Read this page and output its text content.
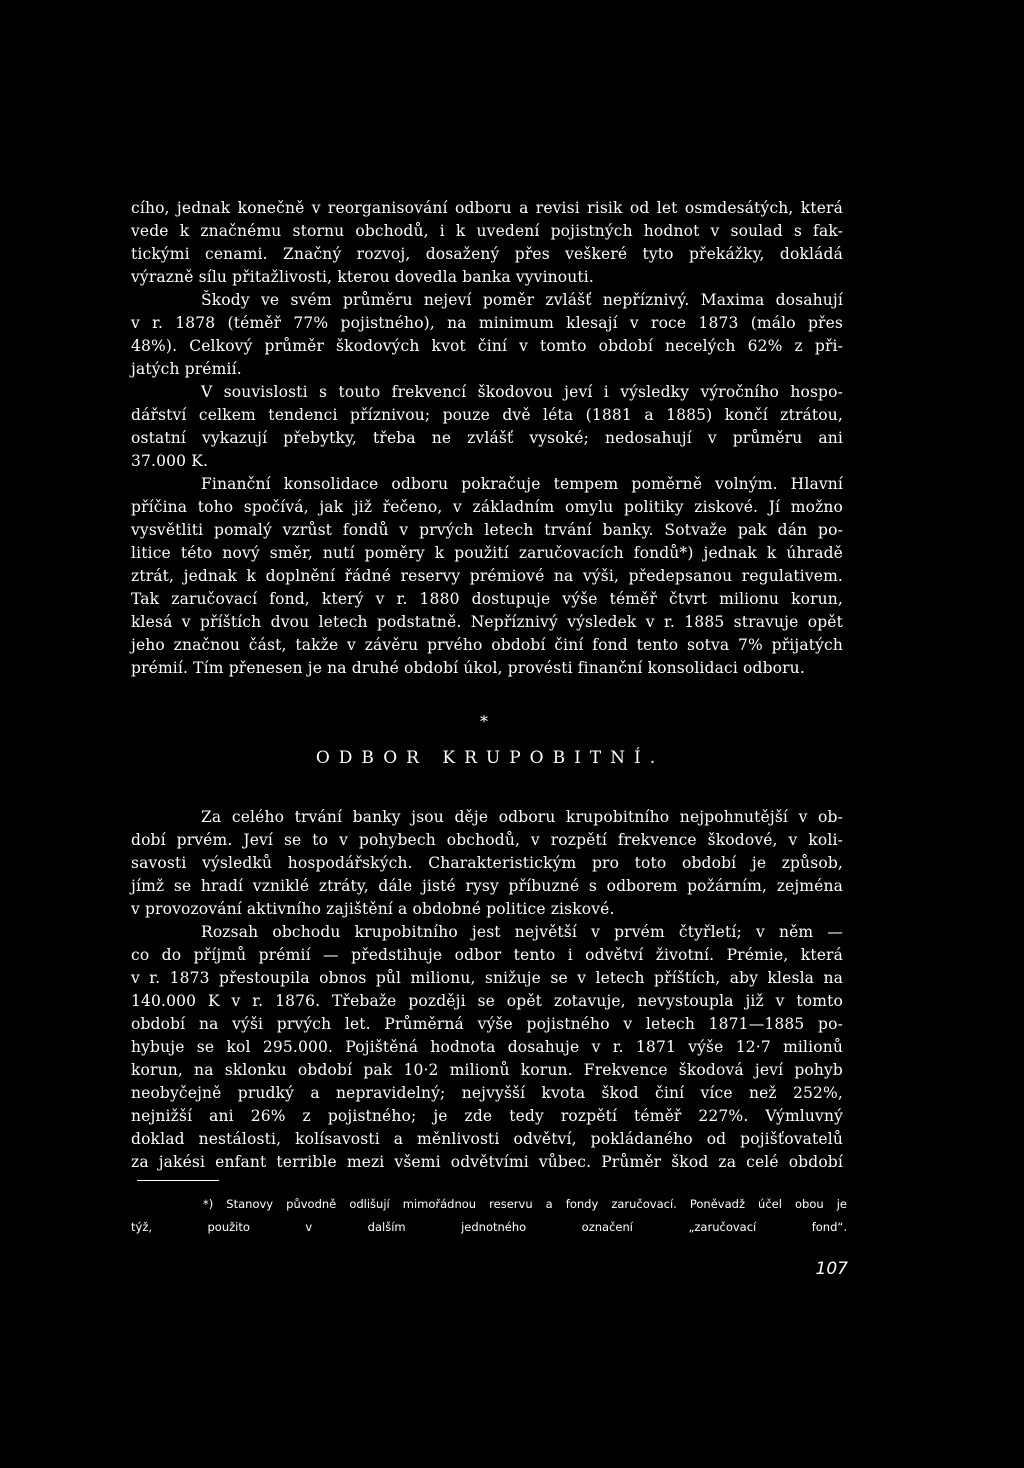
cího, jednak konečně v reorganisování odboru a revisi risik od let osmdesátých, která
vede k značnému stornu obchodů, i k uvedení pojistných hodnot v soulad s fak-
tickými cenami. Značný rozvoj, dosažený přes veškeré tyto překážky, dokládá
výrazně sílu přitažlivosti, kterou dovedla banka vyvinouti.
Škody ve svém průměru nejeví poměr zvlášť nepříznivý. Maxima dosahují
v r. 1878 (téměř 77% pojistného), na minimum klesají v roce 1873 (málo přes
48%). Celkový průměr škodových kvot činí v tomto období necelých 62% z při-
jatých prémií.
V souvislosti s touto frekvencí škodovou jeví i výsledky výročního hospo-
dářství celkem tendenci příznivou; pouze dvě léta (1881 a 1885) končí ztrátou,
ostatní vykazují přebytky, třeba ne zvlášť vysoké; nedosahují v průměru ani
37.000 K.
Finanční konsolidace odboru pokračuje tempem poměrně volným. Hlavní
příčina toho spočívá, jak již řečeno, v základním omylu politiky ziskové. Jí možno
vysvětliti pomalý vzrůst fondů v prvých letech trvání banky. Sotvaže pak dán po-
litice této nový směr, nutí poměry k použití zaručovacích fondů*) jednak k úhradě
ztrát, jednak k doplnění řádné reservy prémiové na výši, předepsanou regulativem.
Tak zaručovací fond, který v r. 1880 dostupuje výše téměř čtvrt milionu korun,
klesá v příštích dvou letech podstatně. Nepříznivý výsledek v r. 1885 stravuje opět
jeho značnou část, takže v závěru prvého období činí fond tento sotva 7% přijatých
prémií. Tím přenesen je na druhé období úkol, provésti finanční konsolidaci odboru.
*
ODBOR KRUPOBITNÍ.
Za celého trvání banky jsou děje odboru krupobitního nejpohnutější v ob-
dobí prvém. Jeví se to v pohybech obchodů, v rozpětí frekvence škodové, v koli-
savosti výsledků hospodářských. Charakteristickým pro toto období je způsob,
jímž se hradí vzniklé ztráty, dále jisté rysy příbuzné s odborem požárním, zejména
v provozování aktivního zajištění a obdobné politice ziskové.
Rozsah obchodu krupobitního jest největší v prvém čtyřletí; v něm —
co do příjmů prémií — předstihuje odbor tento i odvětví životní. Prémie, která
v r. 1873 přestoupila obnos půl milionu, snižuje se v letech příštích, aby klesla na
140.000 K v r. 1876. Třebaže později se opět zotavuje, nevystoupla již v tomto
období na výši prvých let. Průměrná výše pojistného v letech 1871—1885 po-
hybuje se kol 295.000. Pojištěná hodnota dosahuje v r. 1871 výše 12·7 milionů
korun, na sklonku období pak 10·2 milionů korun. Frekvence škodová jeví pohyb
neobyčejně prudký a nepravidelný; nejvyšší kvota škod činí více než 252%,
nejnižší ani 26% z pojistného; je zde tedy rozpětí téměř 227%. Výmluvný
doklad nestálosti, kolísavosti a měnlivosti odvětví, pokládaného od pojišťovatelů
za jakési enfant terrible mezi všemi odvětvími vůbec. Průměr škod za celé období
*) Stanovy původně odlišují mimořádnou reservu a fondy zaručovací. Poněvadž účel obou je
týž, použito v dalším jednotného označení „zaručovací fond“.
107
